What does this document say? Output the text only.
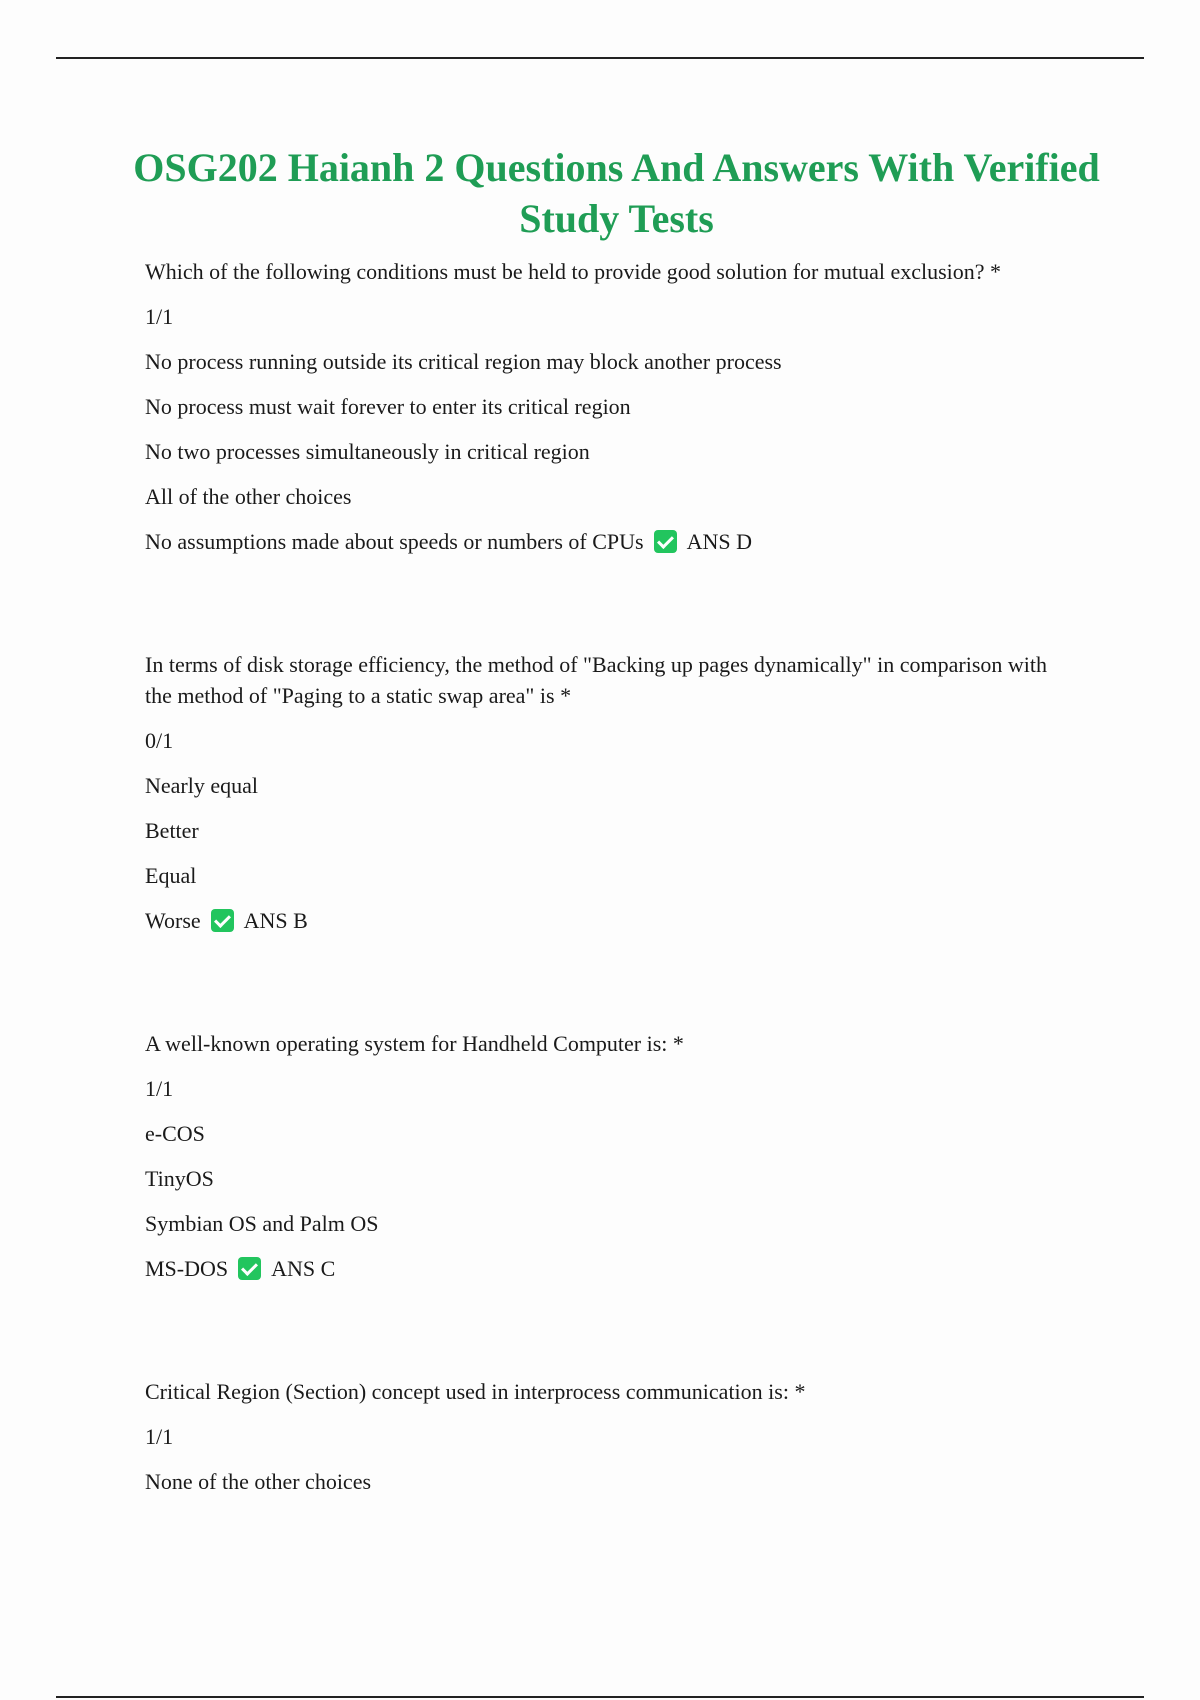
OSG202 Haianh 2 Questions And Answers With Verified Study Tests
Which of the following conditions must be held to provide good solution for mutual exclusion? *
1/1
No process running outside its critical region may block another process
No process must wait forever to enter its critical region
No two processes simultaneously in critical region
All of the other choices
No assumptions made about speeds or numbers of CPUs ANS D
In terms of disk storage efficiency, the method of "Backing up pages dynamically" in comparison with the method of "Paging to a static swap area" is *
0/1
Nearly equal
Better
Equal
Worse ANS B
A well-known operating system for Handheld Computer is: *
1/1
e-COS
TinyOS
Symbian OS and Palm OS
MS-DOS ANS C
Critical Region (Section) concept used in interprocess communication is: *
1/1
None of the other choices
